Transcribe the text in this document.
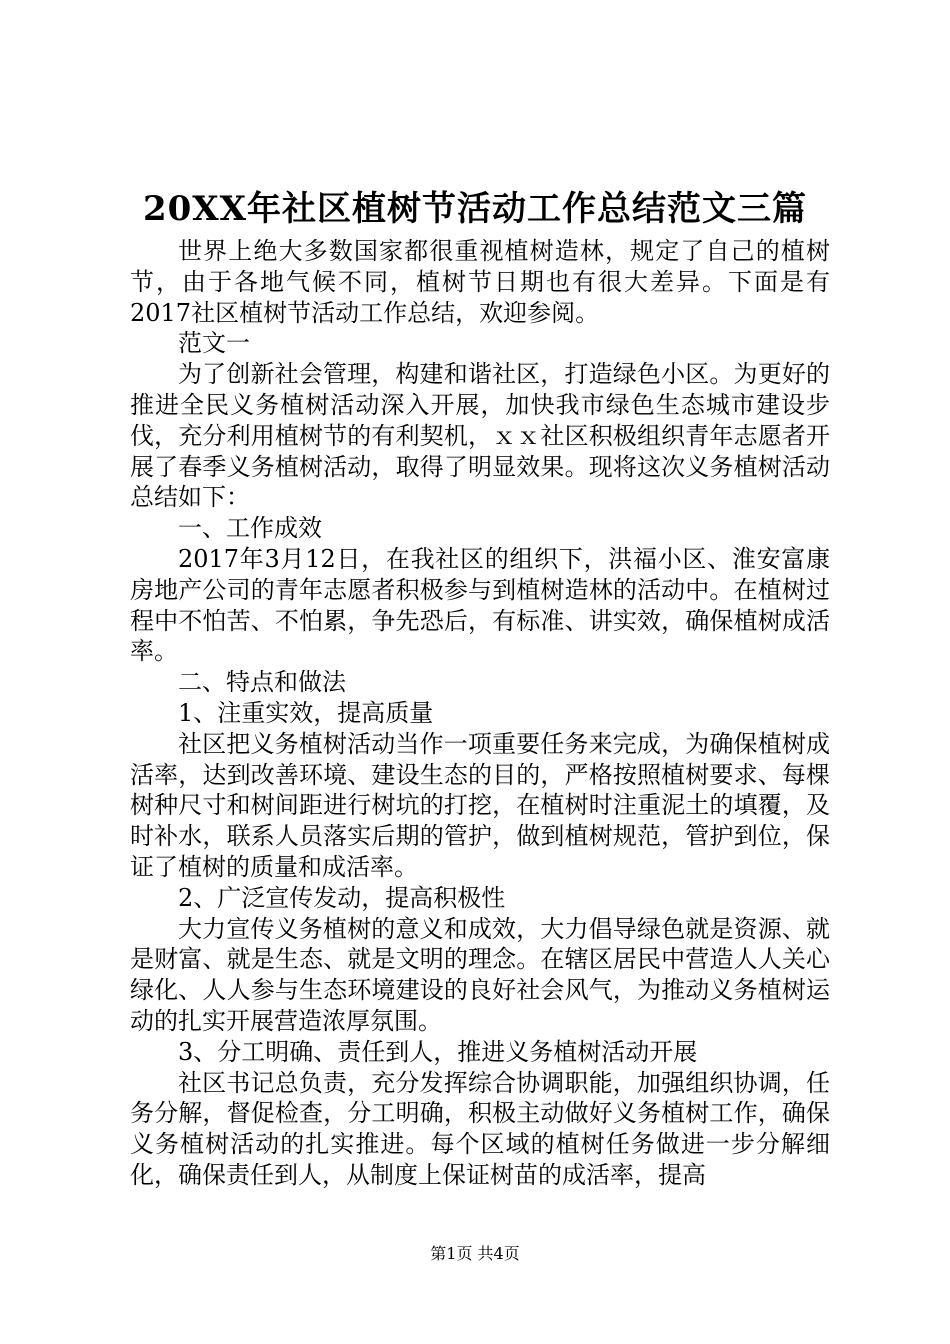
20XX年社区植树节活动工作总结范文三篇

世界上绝大多数国家都很重视植树造林，规定了自己的植树节，由于各地气候不同，植树节日期也有很大差异。下面是有2017社区植树节活动工作总结，欢迎参阅。

范文一

为了创新社会管理，构建和谐社区，打造绿色小区。为更好的推进全民义务植树活动深入开展，加快我市绿色生态城市建设步伐，充分利用植树节的有利契机，ｘｘ社区积极组织青年志愿者开展了春季义务植树活动，取得了明显效果。现将这次义务植树活动总结如下：

一、工作成效

2017年3月12日，在我社区的组织下，洪福小区、淮安富康房地产公司的青年志愿者积极参与到植树造林的活动中。在植树过程中不怕苦、不怕累，争先恐后，有标准、讲实效，确保植树成活率。

二、特点和做法

1、注重实效，提高质量

社区把义务植树活动当作一项重要任务来完成，为确保植树成活率，达到改善环境、建设生态的目的，严格按照植树要求、每棵树种尺寸和树间距进行树坑的打挖，在植树时注重泥土的填覆，及时补水，联系人员落实后期的管护，做到植树规范，管护到位，保证了植树的质量和成活率。

2、广泛宣传发动，提高积极性

大力宣传义务植树的意义和成效，大力倡导绿色就是资源、就是财富、就是生态、就是文明的理念。在辖区居民中营造人人关心绿化、人人参与生态环境建设的良好社会风气，为推动义务植树运动的扎实开展营造浓厚氛围。

3、分工明确、责任到人，推进义务植树活动开展

社区书记总负责，充分发挥综合协调职能，加强组织协调，任务分解，督促检查，分工明确，积极主动做好义务植树工作，确保义务植树活动的扎实推进。每个区域的植树任务做进一步分解细化，确保责任到人，从制度上保证树苗的成活率，提高

第1页 共4页
